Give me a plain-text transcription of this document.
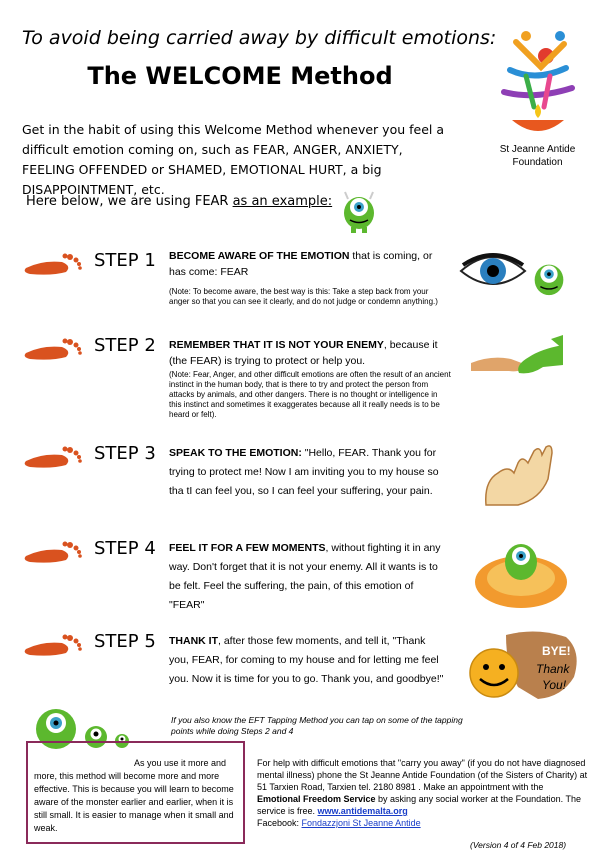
To avoid being carried away by difficult emotions:
The WELCOME Method
St Jeanne Antide
Foundation
Get in the habit of using this Welcome Method whenever you feel a difficult emotion coming on, such as FEAR, ANGER, ANXIETY, FEELING OFFENDED or SHAMED, EMOTIONAL HURT, a big DISAPPOINTMENT, etc.
Here below, we are using FEAR as an example:
STEP 1 BECOME AWARE OF THE EMOTION that is coming, or has come: FEAR
(Note: To become aware, the best way is this: Take a step back from your anger so that you can see it clearly, and do not judge or condemn anything.)
STEP 2 REMEMBER THAT IT IS NOT YOUR ENEMY, because it (the FEAR) is trying to protect or help you.
(Note: Fear, Anger, and other difficult emotions are often the result of an ancient instinct in the human body, that is there to try and protect the person from attacks by animals, and other dangers. There is no thought or intelligence in this instinct and sometimes it exaggerates because all it really needs is to be heard or felt).
STEP 3 SPEAK TO THE EMOTION: "Hello, FEAR. Thank you for trying to protect me! Now I am inviting you to my house so tha tI can feel you, so I can feel your suffering, your pain.
STEP 4 FEEL IT FOR A FEW MOMENTS, without fighting it in any way. Don't forget that it is not your enemy. All it wants is to be felt. Feel the suffering, the pain, of this emotion of "FEAR"
STEP 5 THANK IT, after those few moments, and tell it, "Thank you, FEAR, for coming to my house and for letting me feel you. Now it is time for you to go. Thank you, and goodbye!"
BYE!
Thank
You!
If you also know the EFT Tapping Method you can tap on some of the tapping points while doing Steps 2 and 4
As you use it more and more, this method will become more and more effective. This is because you will learn to become aware of the monster earlier and earlier, when it is still small. It is easier to manage when it small and weak.
For help with difficult emotions that "carry you away" (if you do not have diagnosed mental illness) phone the St Jeanne Antide Foundation (of the Sisters of Charity) at 51 Tarxien Road, Tarxien tel. 2180 8981 . Make an appointment with the Emotional Freedom Service by asking any social worker at the Foundation. The service is free. www.antidemalta.org
Facebook: Fondazzjoni St Jeanne Antide
(Version 4 of 4 Feb 2018)
